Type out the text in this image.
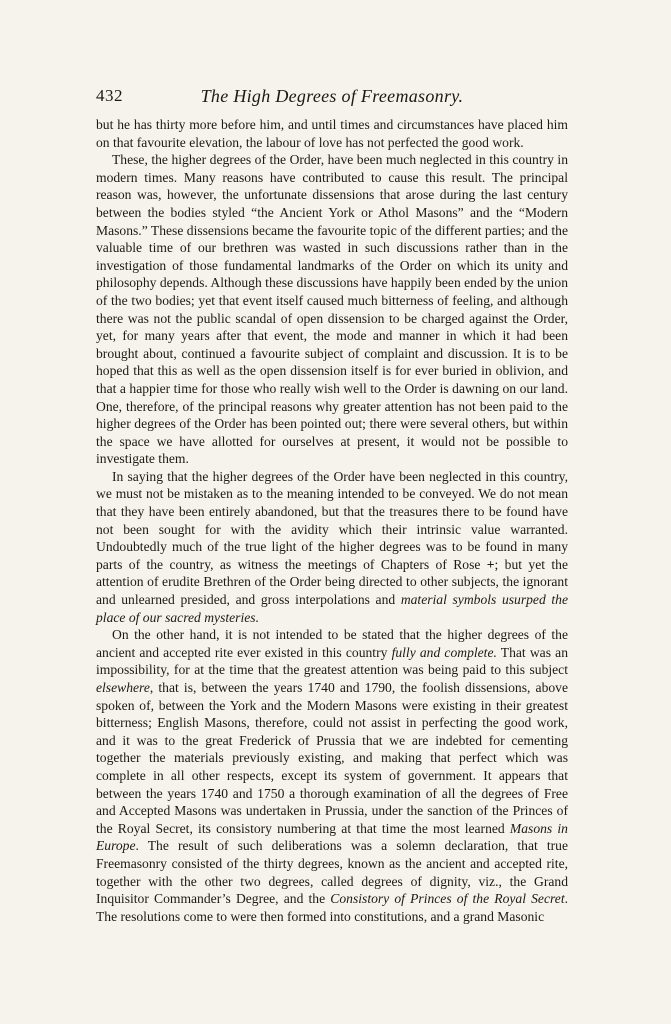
432	The High Degrees of Freemasonry.

but he has thirty more before him, and until times and circumstances have placed him on that favourite elevation, the labour of love has not perfected the good work.

These, the higher degrees of the Order, have been much neglected in this country in modern times. Many reasons have contributed to cause this result. The principal reason was, however, the unfortunate dissensions that arose during the last century between the bodies styled “the Ancient York or Athol Masons” and the “Modern Masons.” These dissensions became the favourite topic of the different parties; and the valuable time of our brethren was wasted in such discussions rather than in the investigation of those fundamental landmarks of the Order on which its unity and philosophy depends. Although these discussions have happily been ended by the union of the two bodies; yet that event itself caused much bitterness of feeling, and although there was not the public scandal of open dissension to be charged against the Order, yet, for many years after that event, the mode and manner in which it had been brought about, continued a favourite subject of complaint and discussion. It is to be hoped that this as well as the open dissension itself is for ever buried in oblivion, and that a happier time for those who really wish well to the Order is dawning on our land. One, therefore, of the principal reasons why greater attention has not been paid to the higher degrees of the Order has been pointed out; there were several others, but within the space we have allotted for ourselves at present, it would not be possible to investigate them.

In saying that the higher degrees of the Order have been neglected in this country, we must not be mistaken as to the meaning intended to be conveyed. We do not mean that they have been entirely abandoned, but that the treasures there to be found have not been sought for with the avidity which their intrinsic value warranted. Undoubtedly much of the true light of the higher degrees was to be found in many parts of the country, as witness the meetings of Chapters of Rose +; but yet the attention of erudite Brethren of the Order being directed to other subjects, the ignorant and unlearned presided, and gross interpolations and material symbols usurped the place of our sacred mysteries.

On the other hand, it is not intended to be stated that the higher degrees of the ancient and accepted rite ever existed in this country fully and complete. That was an impossibility, for at the time that the greatest attention was being paid to this subject elsewhere, that is, between the years 1740 and 1790, the foolish dissensions, above spoken of, between the York and the Modern Masons were existing in their greatest bitterness; English Masons, therefore, could not assist in perfecting the good work, and it was to the great Frederick of Prussia that we are indebted for cementing together the materials previously existing, and making that perfect which was complete in all other respects, except its system of government. It appears that between the years 1740 and 1750 a thorough examination of all the degrees of Free and Accepted Masons was undertaken in Prussia, under the sanction of the Princes of the Royal Secret, its consistory numbering at that time the most learned Masons in Europe. The result of such deliberations was a solemn declaration, that true Freemasonry consisted of the thirty degrees, known as the ancient and accepted rite, together with the other two degrees, called degrees of dignity, viz., the Grand Inquisitor Commander’s Degree, and the Consistory of Princes of the Royal Secret. The resolutions come to were then formed into constitutions, and a grand Masonic
